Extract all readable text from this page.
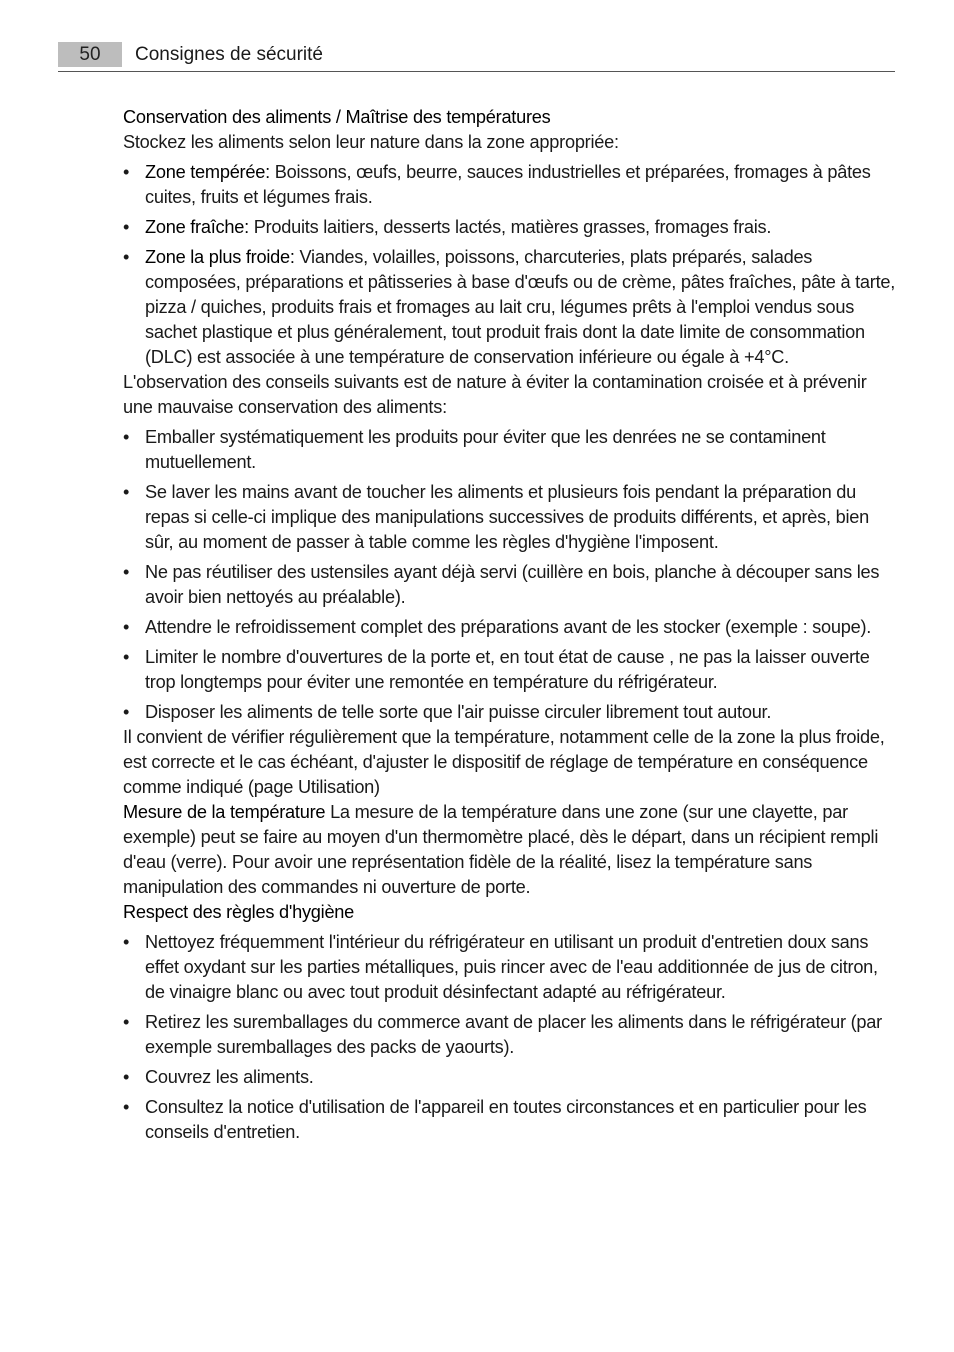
50	Consignes de sécurité

Conservation des aliments / Maîtrise des températures

Stockez les aliments selon leur nature dans la zone appropriée:

• Zone tempérée: Boissons, œufs, beurre, sauces industrielles et préparées, fromages à pâtes cuites, fruits et légumes frais.
• Zone fraîche: Produits laitiers, desserts lactés, matières grasses, fromages frais.
• Zone la plus froide: Viandes, volailles, poissons, charcuteries, plats préparés, salades composées, préparations et pâtisseries à base d'œufs ou de crème, pâtes fraîches, pâte à tarte, pizza / quiches, produits frais et fromages au lait cru, légumes prêts à l'emploi vendus sous sachet plastique et plus généralement, tout produit frais dont la date limite de consommation (DLC) est associée à une température de conservation inférieure ou égale à +4°C.

L'observation des conseils suivants est de nature à éviter la contamination croisée et à prévenir une mauvaise conservation des aliments:

• Emballer systématiquement les produits pour éviter que les denrées ne se contaminent mutuellement.
• Se laver les mains avant de toucher les aliments et plusieurs fois pendant la préparation du repas si celle-ci implique des manipulations successives de produits différents, et après, bien sûr, au moment de passer à table comme les règles d'hygiène l'imposent.
• Ne pas réutiliser des ustensiles ayant déjà servi (cuillère en bois, planche à découper sans les avoir bien nettoyés au préalable).
• Attendre le refroidissement complet des préparations avant de les stocker (exemple : soupe).
• Limiter le nombre d'ouvertures de la porte et, en tout état de cause , ne pas la laisser ouverte trop longtemps pour éviter une remontée en température du réfrigérateur.
• Disposer les aliments de telle sorte que l'air puisse circuler librement tout autour.

Il convient de vérifier régulièrement que la température, notamment celle de la zone la plus froide, est correcte et le cas échéant, d'ajuster le dispositif de réglage de température en conséquence comme indiqué (page Utilisation)

Mesure de la température La mesure de la température dans une zone (sur une clayette, par exemple) peut se faire au moyen d'un thermomètre placé, dès le départ, dans un récipient rempli d'eau (verre). Pour avoir une représentation fidèle de la réalité, lisez la température sans manipulation des commandes ni ouverture de porte.

Respect des règles d'hygiène

• Nettoyez fréquemment l'intérieur du réfrigérateur en utilisant un produit d'entretien doux sans effet oxydant sur les parties métalliques, puis rincer avec de l'eau additionnée de jus de citron, de vinaigre blanc ou avec tout produit désinfectant adapté au réfrigérateur.
• Retirez les suremballages du commerce avant de placer les aliments dans le réfrigérateur (par exemple suremballages des packs de yaourts).
• Couvrez les aliments.
• Consultez la notice d'utilisation de l'appareil en toutes circonstances et en particulier pour les conseils d'entretien.
